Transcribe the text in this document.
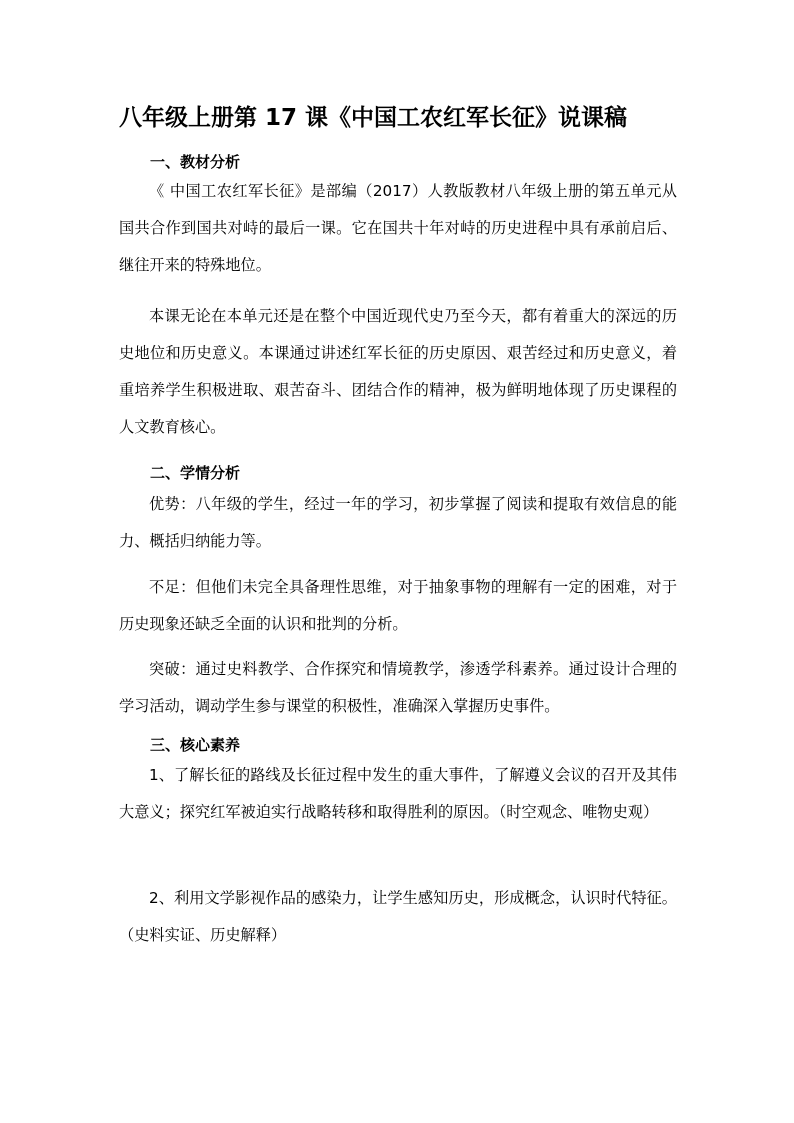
八年级上册第 17 课《中国工农红军长征》说课稿
一、教材分析

《 中国工农红军长征》是部编（2017）人教版教材八年级上册的第五单元从国共合作到国共对峙的最后一课。它在国共十年对峙的历史进程中具有承前启后、继往开来的特殊地位。

本课无论在本单元还是在整个中国近现代史乃至今天，都有着重大的深远的历史地位和历史意义。本课通过讲述红军长征的历史原因、艰苦经过和历史意义，着重培养学生积极进取、艰苦奋斗、团结合作的精神，极为鲜明地体现了历史课程的人文教育核心。

二、学情分析

优势：八年级的学生，经过一年的学习，初步掌握了阅读和提取有效信息的能力、概括归纳能力等。

不足：但他们未完全具备理性思维，对于抽象事物的理解有一定的困难，对于历史现象还缺乏全面的认识和批判的分析。

突破：通过史料教学、合作探究和情境教学，渗透学科素养。通过设计合理的学习活动，调动学生参与课堂的积极性，准确深入掌握历史事件。

三、核心素养

1、了解长征的路线及长征过程中发生的重大事件，了解遵义会议的召开及其伟大意义；探究红军被迫实行战略转移和取得胜利的原因。（时空观念、唯物史观）

2、利用文学影视作品的感染力，让学生感知历史，形成概念，认识时代特征。（史料实证、历史解释）
